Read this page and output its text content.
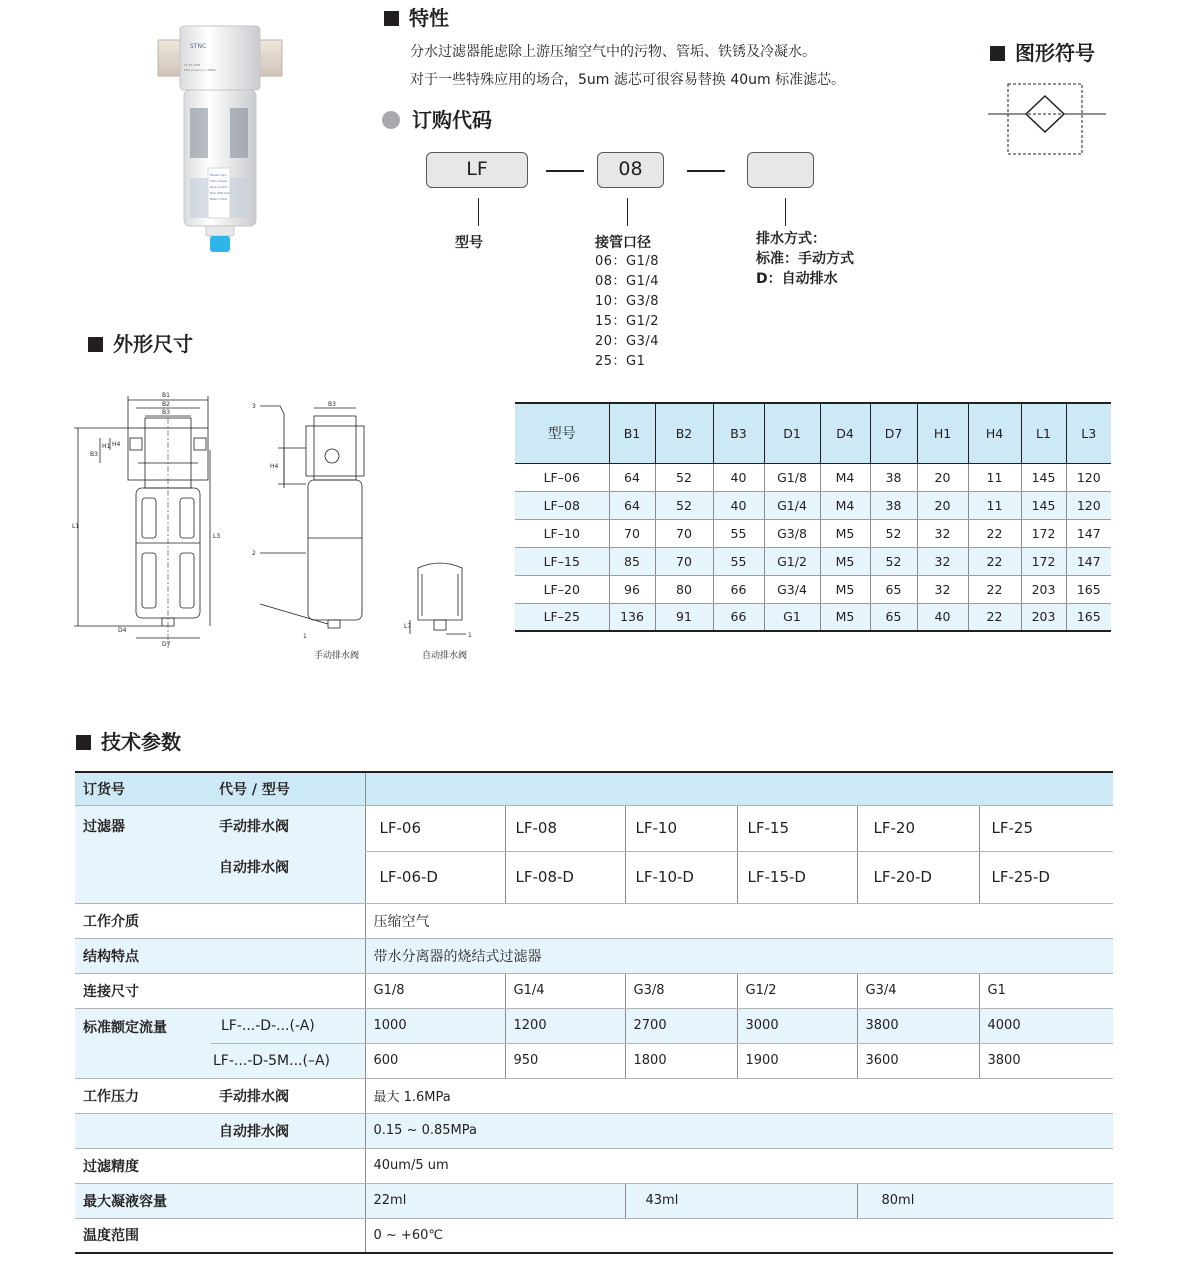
STNC
LF-15-M5B
Max pressure 1.6MPa
Filtration 5μm
Drain: manual
Temp: 0~60°C
Flow: 3000 L/min
Made in China
特性
分水过滤器能虑除上游压缩空气中的污物、管垢、铁锈及冷凝水。
对于一些特殊应用的场合，5um 滤芯可很容易替换 40um 标准滤芯。
图形符号
订购代码
LF	08
型号	接管口径
06：G1/8
08：G1/4
10：G3/8
15：G1/2
20：G3/4
25：G1
排水方式：
标准：手动方式
D：自动排水
外形尺寸
B1
B2
B3
B3
H1 H4
L1
L3
D4
D7
B3
H4
3
2
1	1
L7
手动排水阀	自动排水阀
型号	B1	B2	B3	D1	D4	D7	H1	H4	L1	L3
LF–06	64	52	40	G1/8	M4	38	20	11	145	120
LF–08	64	52	40	G1/4	M4	38	20	11	145	120
LF–10	70	70	55	G3/8	M5	52	32	22	172	147
LF–15	85	70	55	G1/2	M5	52	32	22	172	147
LF–20	96	80	66	G3/4	M5	65	32	22	203	165
LF–25	136	91	66	G1	M5	65	40	22	203	165
技术参数
订货号	代号 / 型号						
过滤器	手动排水阀	LF-06	LF-08	LF-10	LF-15	LF-20	LF-25
	自动排水阀	LF-06-D	LF-08-D	LF-10-D	LF-15-D	LF-20-D	LF-25-D
工作介质		压缩空气					
结构特点		带水分离器的烧结式过滤器					
连接尺寸		G1/8	G1/4	G3/8	G1/2	G3/4	G1
标准额定流量	LF-...-D-...(-A)	1000	1200	2700	3000	3800	4000
	LF-...-D-5M...(–A)	600	950	1800	1900	3600	3800
工作压力	手动排水阀	最大 1.6MPa					
	自动排水阀	0.15 ~ 0.85MPa					
过滤精度		40um/5 um					
最大凝液容量		22ml		43ml		80ml	
温度范围		0 ~ +60℃					
